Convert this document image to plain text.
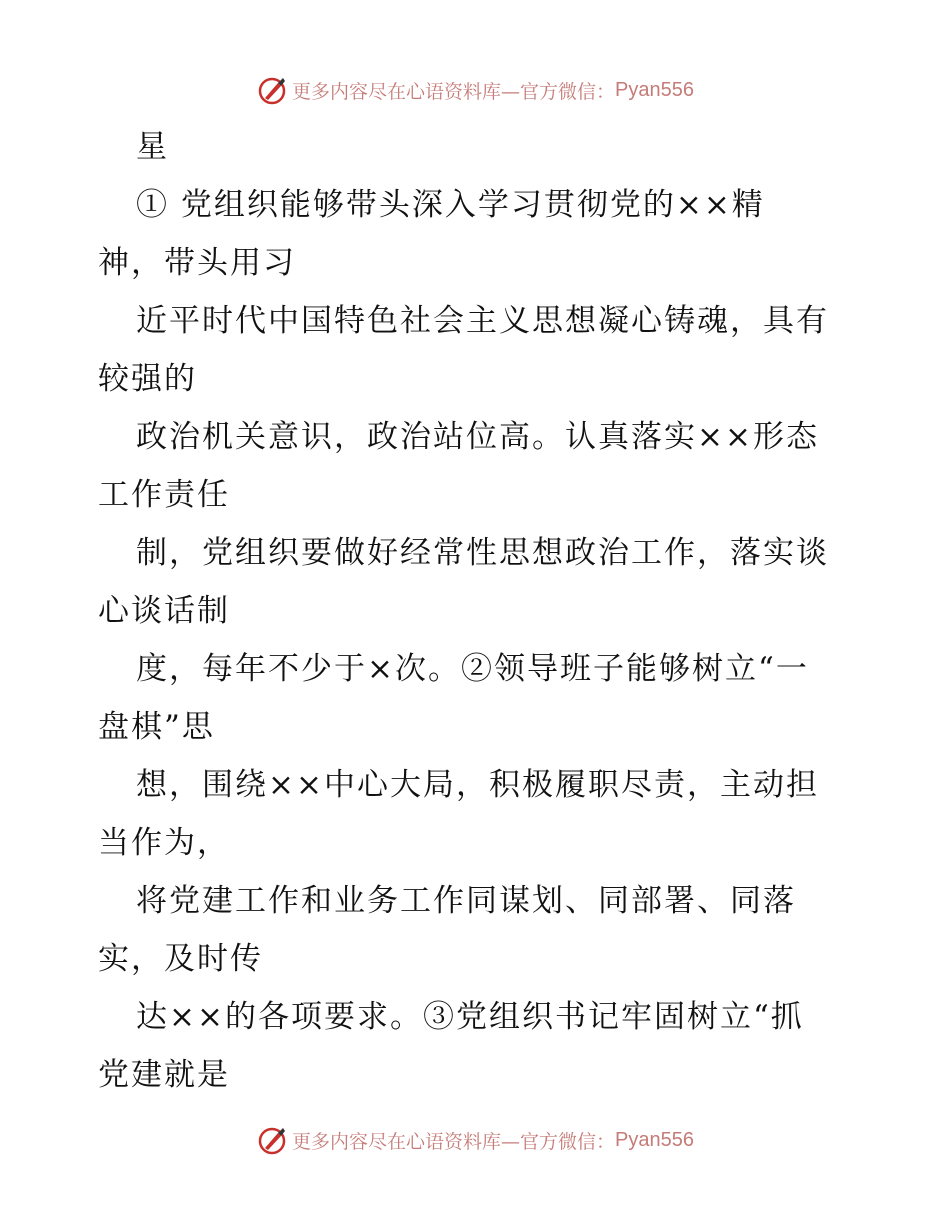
更多内容尽在心语资料库—官方微信： Pyan556
星
① 党组织能够带头深入学习贯彻党的××精
神，带头用习
近平时代中国特色社会主义思想凝心铸魂，具有
较强的
政治机关意识，政治站位高。认真落实××形态
工作责任
制，党组织要做好经常性思想政治工作，落实谈
心谈话制
度，每年不少于×次。②领导班子能够树立“一
盘棋”思
想，围绕××中心大局，积极履职尽责，主动担
当作为，
将党建工作和业务工作同谋划、同部署、同落
实，及时传
达××的各项要求。③党组织书记牢固树立“抓
党建就是
更多内容尽在心语资料库—官方微信： Pyan556
